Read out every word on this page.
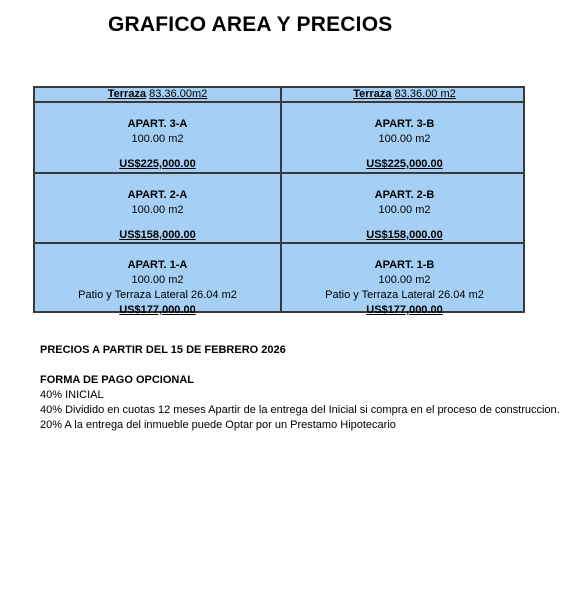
GRAFICO AREA Y PRECIOS
Terraza 83.36.00m2	Terraza 83.36.00 m2
APART. 3-A
100.00 m2
US$225,000.00
APART. 3-B
100.00 m2
US$225,000.00
APART. 2-A
100.00 m2
US$158,000.00
APART. 2-B
100.00 m2
US$158,000.00
APART. 1-A
100.00 m2
Patio y Terraza Lateral 26.04 m2
US$177,000.00
APART. 1-B
100.00 m2
Patio y Terraza Lateral 26.04 m2
US$177,000.00
PRECIOS A PARTIR DEL 15 DE FEBRERO 2026
FORMA DE PAGO OPCIONAL
40% INICIAL
40% Dividido en cuotas 12 meses Apartir de la entrega del Inicial si compra en el proceso de construccion.
20% A la entrega del inmueble puede Optar por un Prestamo Hipotecario
